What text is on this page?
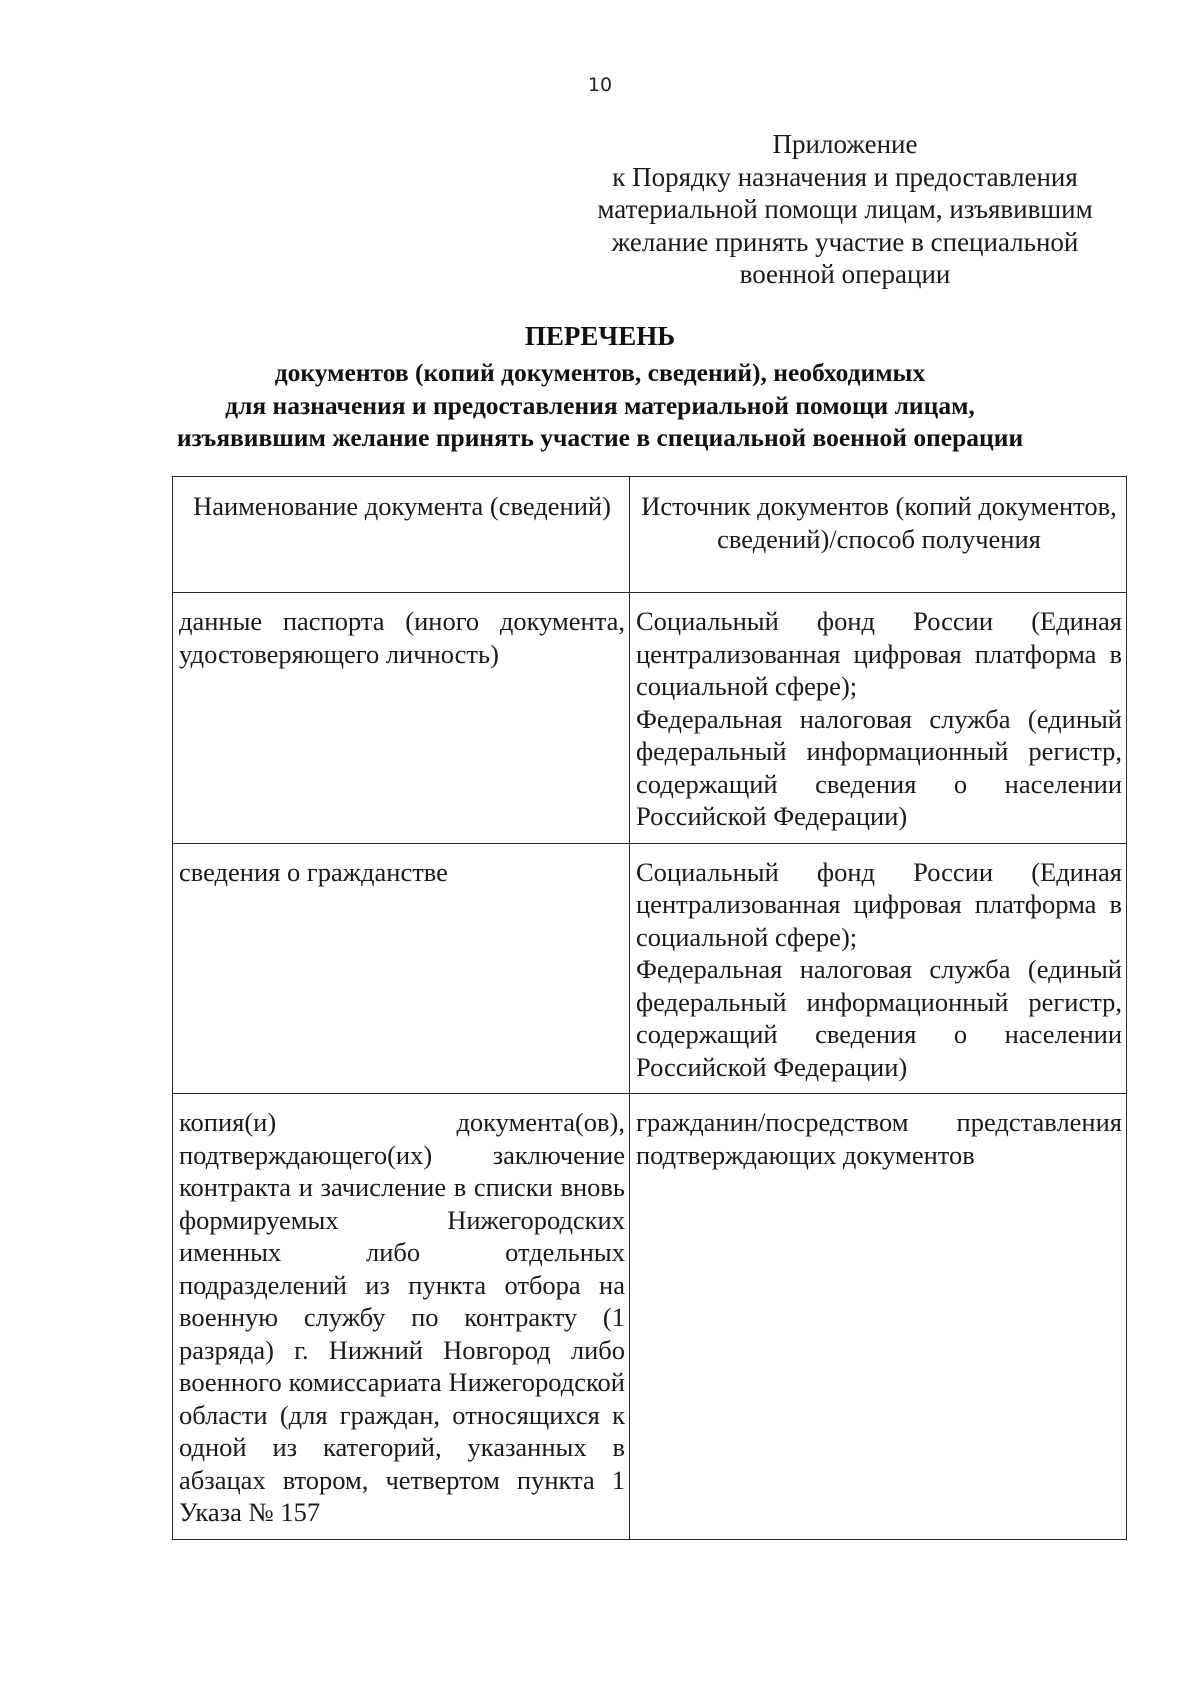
10
Приложение
к Порядку назначения и предоставления
материальной помощи лицам, изъявившим
желание принять участие в специальной
военной операции
ПЕРЕЧЕНЬ
документов (копий документов, сведений), необходимых
для назначения и предоставления материальной помощи лицам,
изъявившим желание принять участие в специальной военной операции
Наименование документа (сведений)	Источник документов (копий документов, сведений)/способ получения
данные паспорта (иного документа, удостоверяющего личность)	Социальный фонд России (Единая централизованная цифровая платформа в социальной сфере);
Федеральная налоговая служба (единый федеральный информационный регистр, содержащий сведения о населении Российской Федерации)

сведения о гражданстве	Социальный фонд России (Единая централизованная цифровая платформа в социальной сфере);
Федеральная налоговая служба (единый федеральный информационный регистр, содержащий сведения о населении Российской Федерации)

копия(и) документа(ов), подтверждающего(их) заключение контракта и зачисление в списки вновь формируемых Нижегородских именных либо отдельных подразделений из пункта отбора на военную службу по контракту (1 разряда) г. Нижний Новгород либо военного комиссариата Нижегородской области (для граждан, относящихся к одной из категорий, указанных в абзацах втором, четвертом пункта 1 Указа № 157	гражданин/посредством представления подтверждающих документов
